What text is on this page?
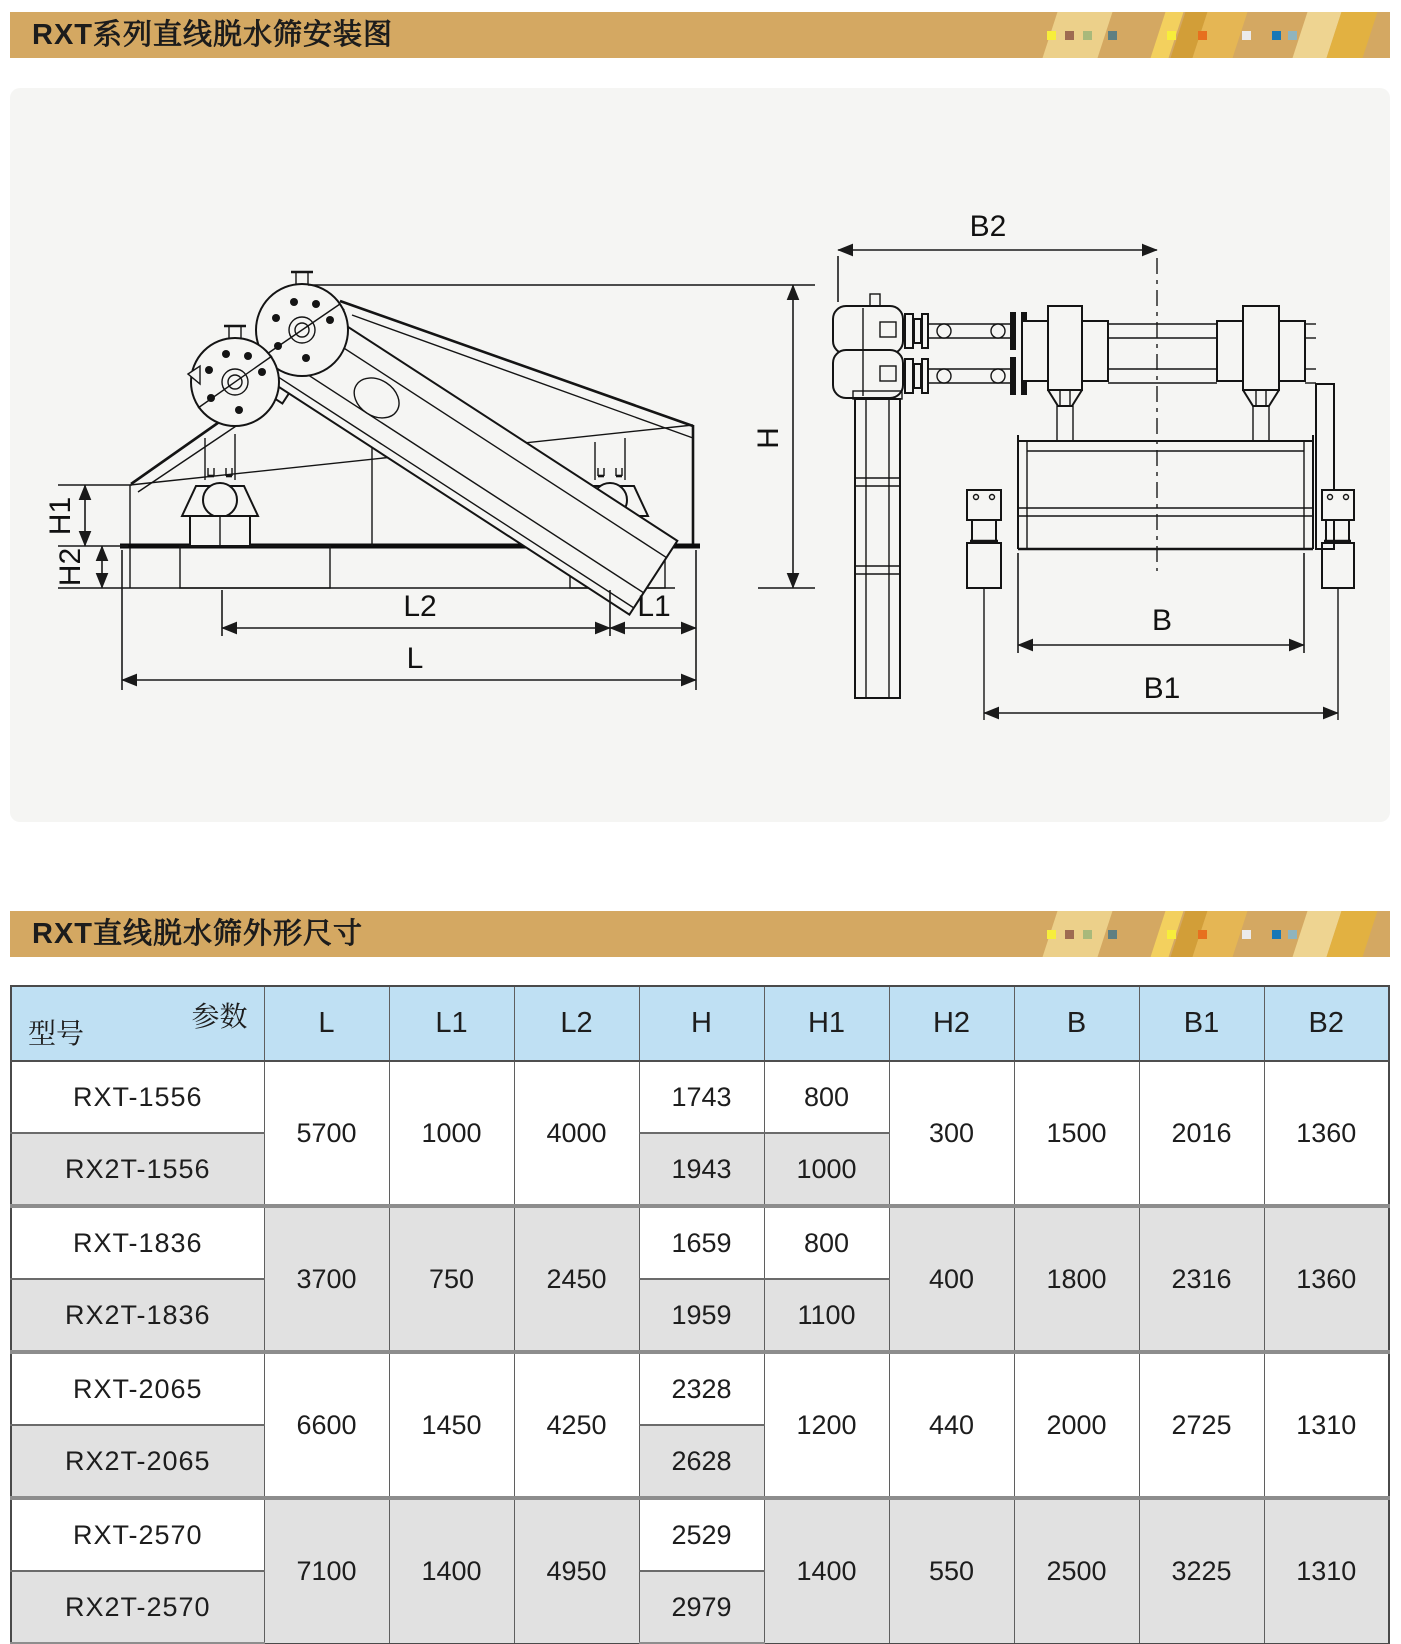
RXT系列直线脱水筛安装图
H1
H2
H
L2	L1
L
B2
B
B1
RXT直线脱水筛外形尺寸
参数
型号	L	L1	L2	H	H1	H2	B	B1	B2
RXT-1556	5700	1000	4000	1743	800	300	1500	2016	1360
RX2T-1556				1943	1000				
RXT-1836	3700	750	2450	1659	800	400	1800	2316	1360
RX2T-1836				1959	1100				
RXT-2065	6600	1450	4250	2328	1200	440	2000	2725	1310
RX2T-2065				2628					
RXT-2570	7100	1400	4950	2529	1400	550	2500	3225	1310
RX2T-2570				2979					
